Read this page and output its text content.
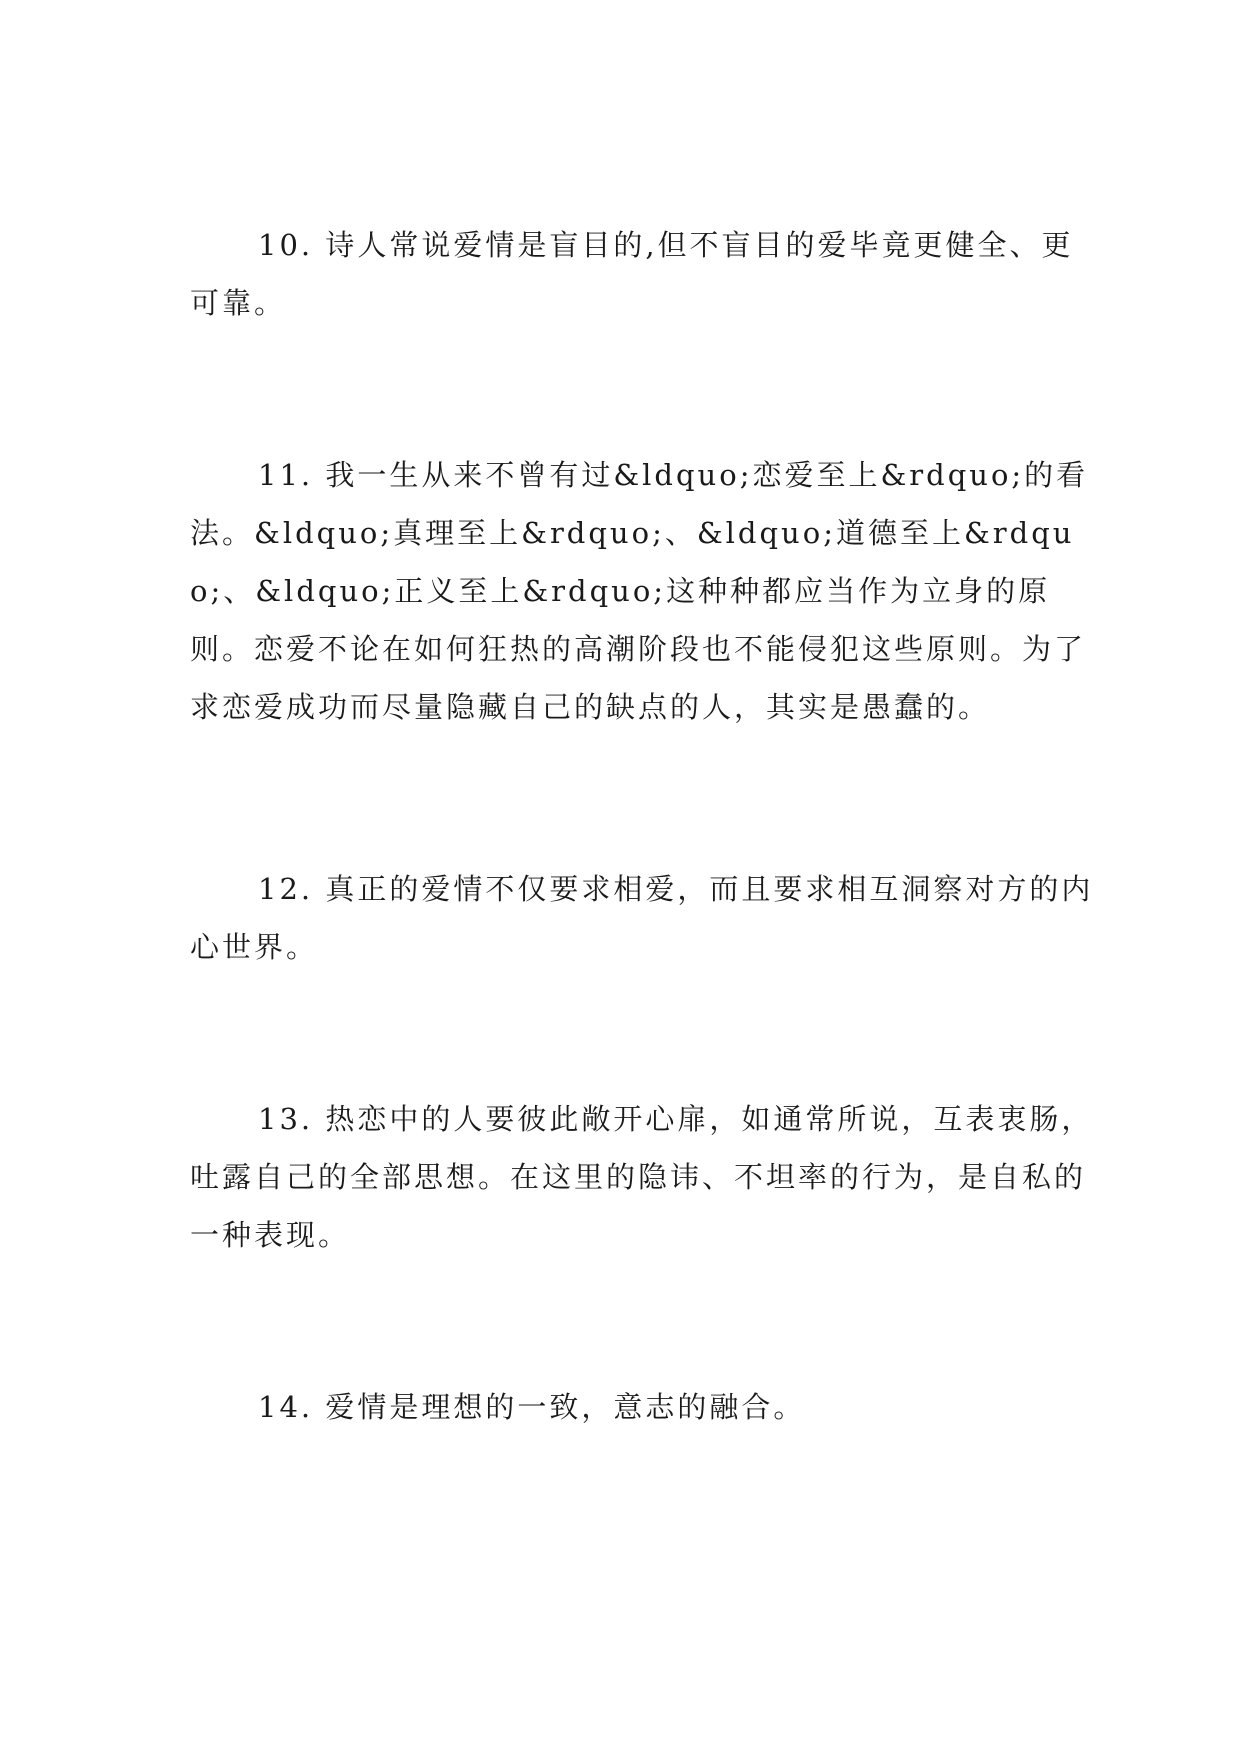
10. 诗人常说爱情是盲目的,但不盲目的爱毕竟更健全、更可靠。

11. 我一生从来不曾有过&ldquo;恋爱至上&rdquo;的看法。&ldquo;真理至上&rdquo;、&ldquo;道德至上&rdquo;、&ldquo;正义至上&rdquo;这种种都应当作为立身的原则。恋爱不论在如何狂热的高潮阶段也不能侵犯这些原则。为了求恋爱成功而尽量隐藏自己的缺点的人，其实是愚蠢的。

12. 真正的爱情不仅要求相爱，而且要求相互洞察对方的内心世界。

13. 热恋中的人要彼此敞开心扉，如通常所说，互表衷肠，吐露自己的全部思想。在这里的隐讳、不坦率的行为，是自私的一种表现。

14. 爱情是理想的一致，意志的融合。
